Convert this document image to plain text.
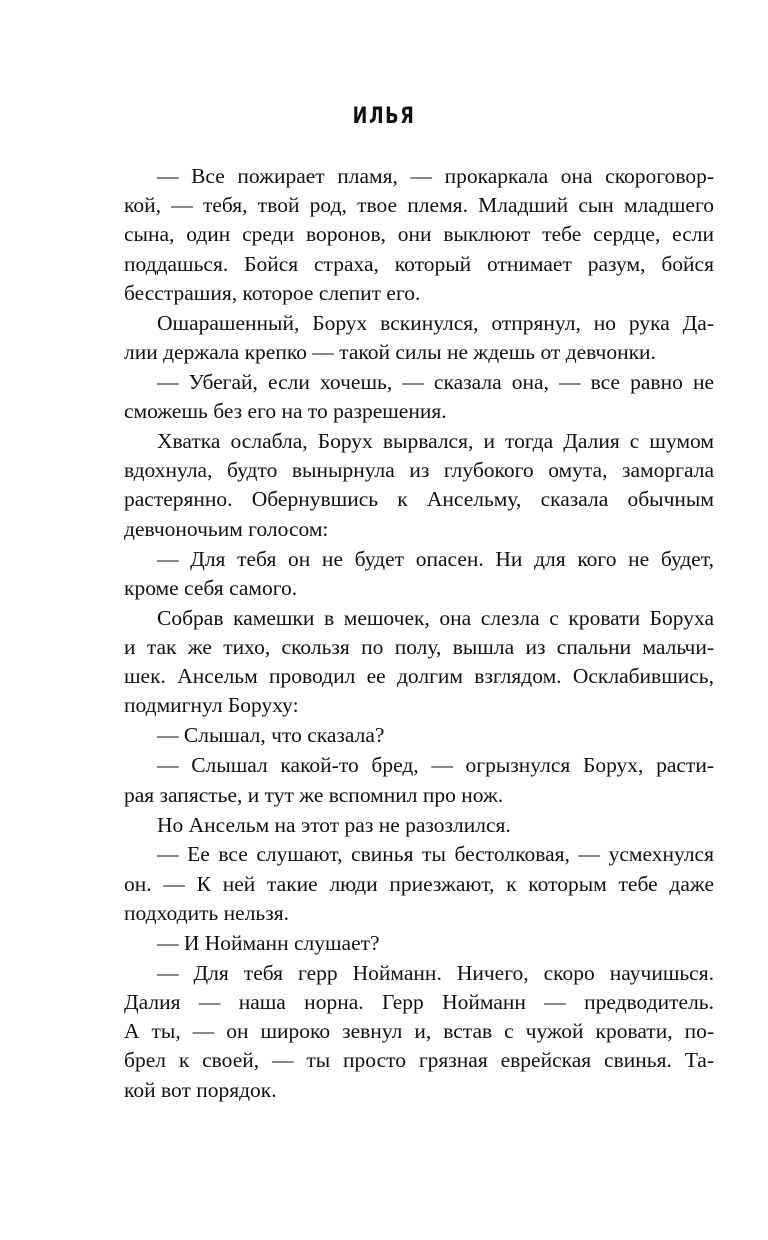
ИЛЬЯ
— Все пожирает пламя, — прокаркала она скороговор-
кой, — тебя, твой род, твое племя. Младший сын младшего
сына, один среди воронов, они выклюют тебе сердце, если
поддашься. Бойся страха, который отнимает разум, бойся
бесстрашия, которое слепит его.
Ошарашенный, Борух вскинулся, отпрянул, но рука Да-
лии держала крепко — такой силы не ждешь от девчонки.
— Убегай, если хочешь, — сказала она, — все равно не
сможешь без его на то разрешения.
Хватка ослабла, Борух вырвался, и тогда Далия с шумом
вдохнула, будто вынырнула из глубокого омута, заморгала
растерянно. Обернувшись к Ансельму, сказала обычным
девчоночьим голосом:
— Для тебя он не будет опасен. Ни для кого не будет,
кроме себя самого.
Собрав камешки в мешочек, она слезла с кровати Боруха
и так же тихо, скользя по полу, вышла из спальни мальчи-
шек. Ансельм проводил ее долгим взглядом. Осклабившись,
подмигнул Боруху:
— Слышал, что сказала?
— Слышал какой-то бред, — огрызнулся Борух, расти-
рая запястье, и тут же вспомнил про нож.
Но Ансельм на этот раз не разозлился.
— Ее все слушают, свинья ты бестолковая, — усмехнулся
он. — К ней такие люди приезжают, к которым тебе даже
подходить нельзя.
— И Нойманн слушает?
— Для тебя герр Нойманн. Ничего, скоро научишься.
Далия — наша норна. Герр Нойманн — предводитель.
А ты, — он широко зевнул и, встав с чужой кровати, по-
брел к своей, — ты просто грязная еврейская свинья. Та-
кой вот порядок.
